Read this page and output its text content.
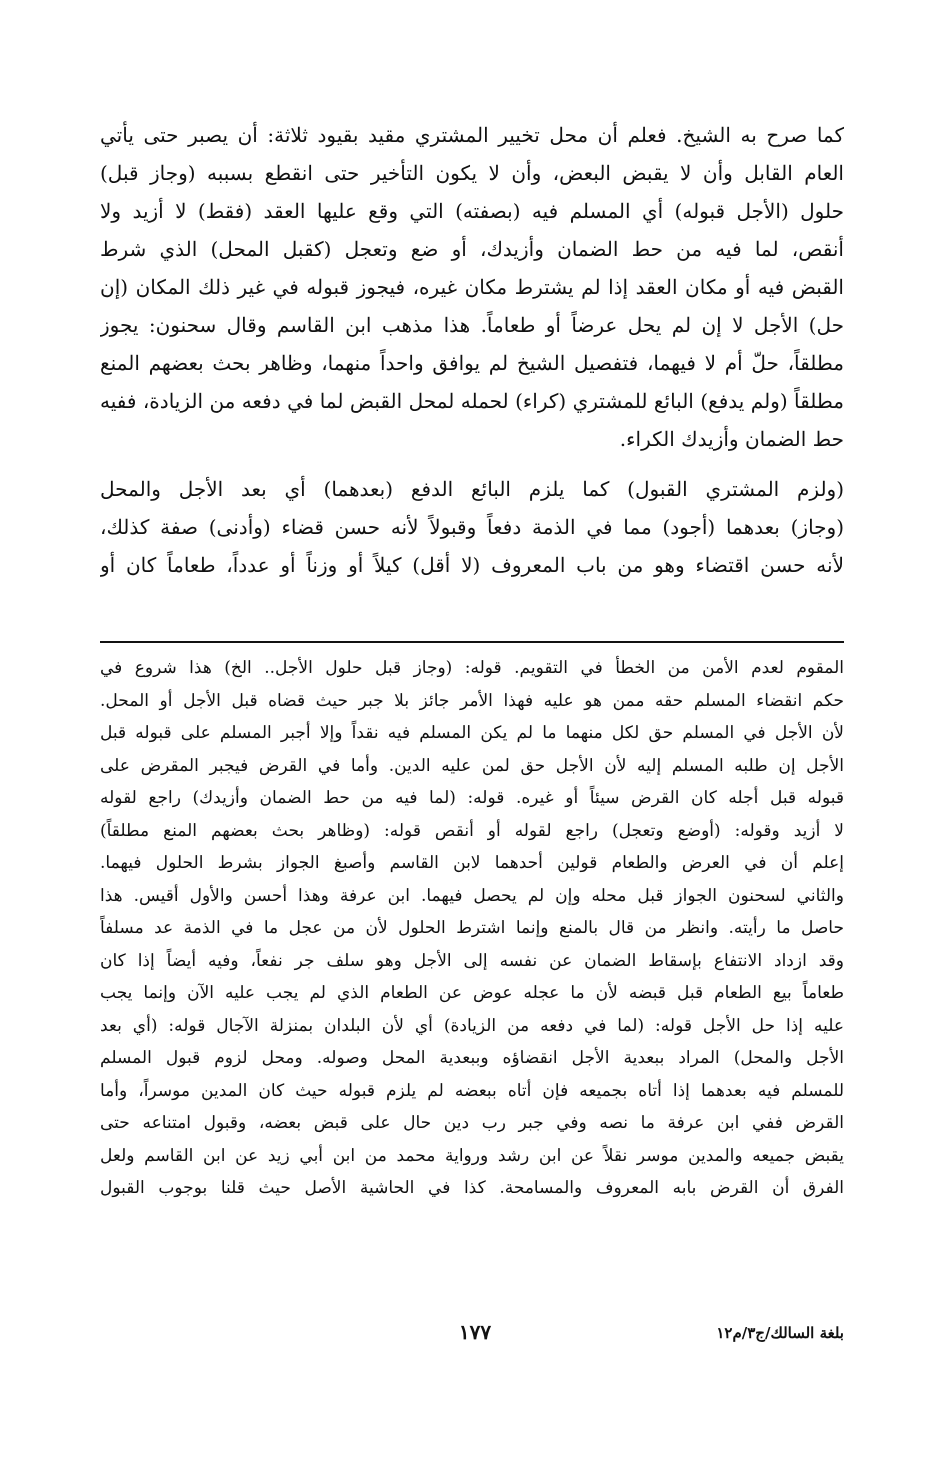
كما صرح به الشيخ. فعلم أن محل تخيير المشتري مقيد بقيود ثلاثة: أن يصبر حتى يأتي
العام القابل وأن لا يقبض البعض، وأن لا يكون التأخير حتى انقطع بسببه (وجاز قبل)
حلول (الأجل قبوله) أي المسلم فيه (بصفته) التي وقع عليها العقد (فقط) لا أزيد ولا
أنقص، لما فيه من حط الضمان وأزيدك، أو ضع وتعجل (كقبل المحل) الذي شرط
القبض فيه أو مكان العقد إذا لم يشترط مكان غيره، فيجوز قبوله في غير ذلك المكان (إن
حل) الأجل لا إن لم يحل عرضاً أو طعاماً. هذا مذهب ابن القاسم وقال سحنون: يجوز
مطلقاً، حلّ أم لا فيهما، فتفصيل الشيخ لم يوافق واحداً منهما، وظاهر بحث بعضهم المنع
مطلقاً (ولم يدفع) البائع للمشتري (كراء) لحمله لمحل القبض لما في دفعه من الزيادة، ففيه
حط الضمان وأزيدك الكراء.
(ولزم المشتري القبول) كما يلزم البائع الدفع (بعدهما) أي بعد الأجل والمحل
(وجاز) بعدهما (أجود) مما في الذمة دفعاً وقبولاً لأنه حسن قضاء (وأدنى) صفة كذلك،
لأنه حسن اقتضاء وهو من باب المعروف (لا أقل) كيلاً أو وزناً أو عدداً، طعاماً كان أو
المقوم لعدم الأمن من الخطأ في التقويم. قوله: (وجاز قبل حلول الأجل.. الخ) هذا شروع في
حكم انقضاء المسلم حقه ممن هو عليه فهذا الأمر جائز بلا جبر حيث قضاه قبل الأجل أو المحل.
لأن الأجل في المسلم حق لكل منهما ما لم يكن المسلم فيه نقداً وإلا أجبر المسلم على قبوله قبل
الأجل إن طلبه المسلم إليه لأن الأجل حق لمن عليه الدين. وأما في القرض فيجبر المقرض على
قبوله قبل أجله كان القرض سيئاً أو غيره. قوله: (لما فيه من حط الضمان وأزيدك) راجع لقوله
لا أزيد وقوله: (أوضع وتعجل) راجع لقوله أو أنقص قوله: (وظاهر بحث بعضهم المنع مطلقاً)
إعلم أن في العرض والطعام قولين أحدهما لابن القاسم وأصبغ الجواز بشرط الحلول فيهما.
والثاني لسحنون الجواز قبل محله وإن لم يحصل فيهما. ابن عرفة وهذا أحسن والأول أقيس. هذا
حاصل ما رأيته. وانظر من قال بالمنع وإنما اشترط الحلول لأن من عجل ما في الذمة عد مسلفاً
وقد ازداد الانتفاع بإسقاط الضمان عن نفسه إلى الأجل وهو سلف جر نفعاً، وفيه أيضاً إذا كان
طعاماً بيع الطعام قبل قبضه لأن ما عجله عوض عن الطعام الذي لم يجب عليه الآن وإنما يجب
عليه إذا حل الأجل قوله: (لما في دفعه من الزيادة) أي لأن البلدان بمنزلة الآجال قوله: (أي بعد
الأجل والمحل) المراد ببعدية الأجل انقضاؤه وببعدية المحل وصوله. ومحل لزوم قبول المسلم
للمسلم فيه بعدهما إذا أتاه بجميعه فإن أتاه ببعضه لم يلزم قبوله حيث كان المدين موسراً، وأما
القرض ففي ابن عرفة ما نصه وفي جبر رب دين حال على قبض بعضه، وقبول امتناعه حتى
يقبض جميعه والمدين موسر نقلاً عن ابن رشد ورواية محمد من ابن أبي زيد عن ابن القاسم ولعل
الفرق أن القرض بابه المعروف والمسامحة. كذا في الحاشية الأصل حيث قلنا بوجوب القبول
بلغة السالك/ج٣/م١٢
١٧٧
